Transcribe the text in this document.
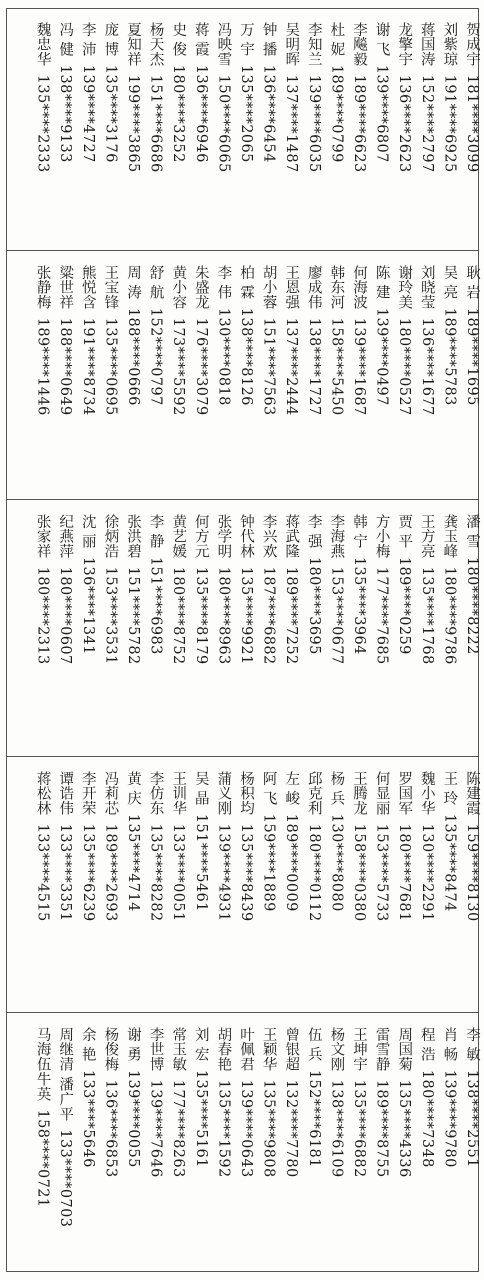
贺成宇181****3099
刘紫琼191****6925
蒋国涛152****2797
龙擎宇136****2623
谢 飞139****6807
李飚毅189****6623
杜 妮189****0799
李知兰139****6035
吴明晖137****1487
钟 播136****6454
万 宇135****2065
冯映雪150****6065
蒋 霞136****6946
史 俊180****3252
杨天杰151****6686
夏知祥199****3865
庞 博135****3176
李 沛139****4727
冯 健138****9133
魏忠华135****2333
耿 岩189****1695
吴 亮189****5783
刘晓莹136****1677
谢玲美180****0527
陈 建139****0497
何海波139****1687
韩东河158****5450
廖成伟138****1727
王恩强137****2444
胡小蓉151****7563
柏 霖138****8126
李 伟130****0818
朱盛龙176****3079
黄小容173****5592
舒 航152****0797
周 涛188****0666
王宝锋135****0695
熊悦含191****8734
粱世祥188****0649
张静梅189****1446
潘 雪180****8222
龚玉峰180****9786
王方亮135****1768
贾 平189****0259
方小梅177****7685
韩 宁135****3964
李海燕153****0677
李 强180****3695
蒋武隆189****7252
李兴欢187****6882
钟代林135****9921
张学明180****8963
何方元135****8179
黄艺媛180****8752
李 静151****6983
张洪碧151****5782
徐炳浩153****3531
沈 丽136****1341
纪燕萍180****0607
张家祥180****2313
陈建霞159****8130
王 玲135****8474
魏小华130****2291
罗国军180****7681
何显丽153****5733
王腾龙158****0380
杨 兵130****8080
邱克利180****0112
左 峻189****0009
阿 飞159****1889
杨积均135****8439
蒲义刚139****4931
吴 晶151****5461
王训华133****0051
李仿东135****8282
黄 庆135****4714
冯莉芯189****2693
李开荣135****6239
谭诰伟133****3351
蒋松林133****4515
李 敏138****2551
肖 畅139****9780
程 浩180****7348
周国菊135****4336
雷雪静189****8755
王坤宇135****6882
杨文刚138****6109
伍 兵152****6181
曾银超132****7780
王颖华135****9808
叶佩君139****0643
胡春艳135****1592
刘 宏135****5161
常玉敏177****8263
李世博139****7646
谢 勇139****0055
杨俊梅136****6853
余 艳133****5646
周继清 潘广平133****0703
马海伍牛英158****0721
